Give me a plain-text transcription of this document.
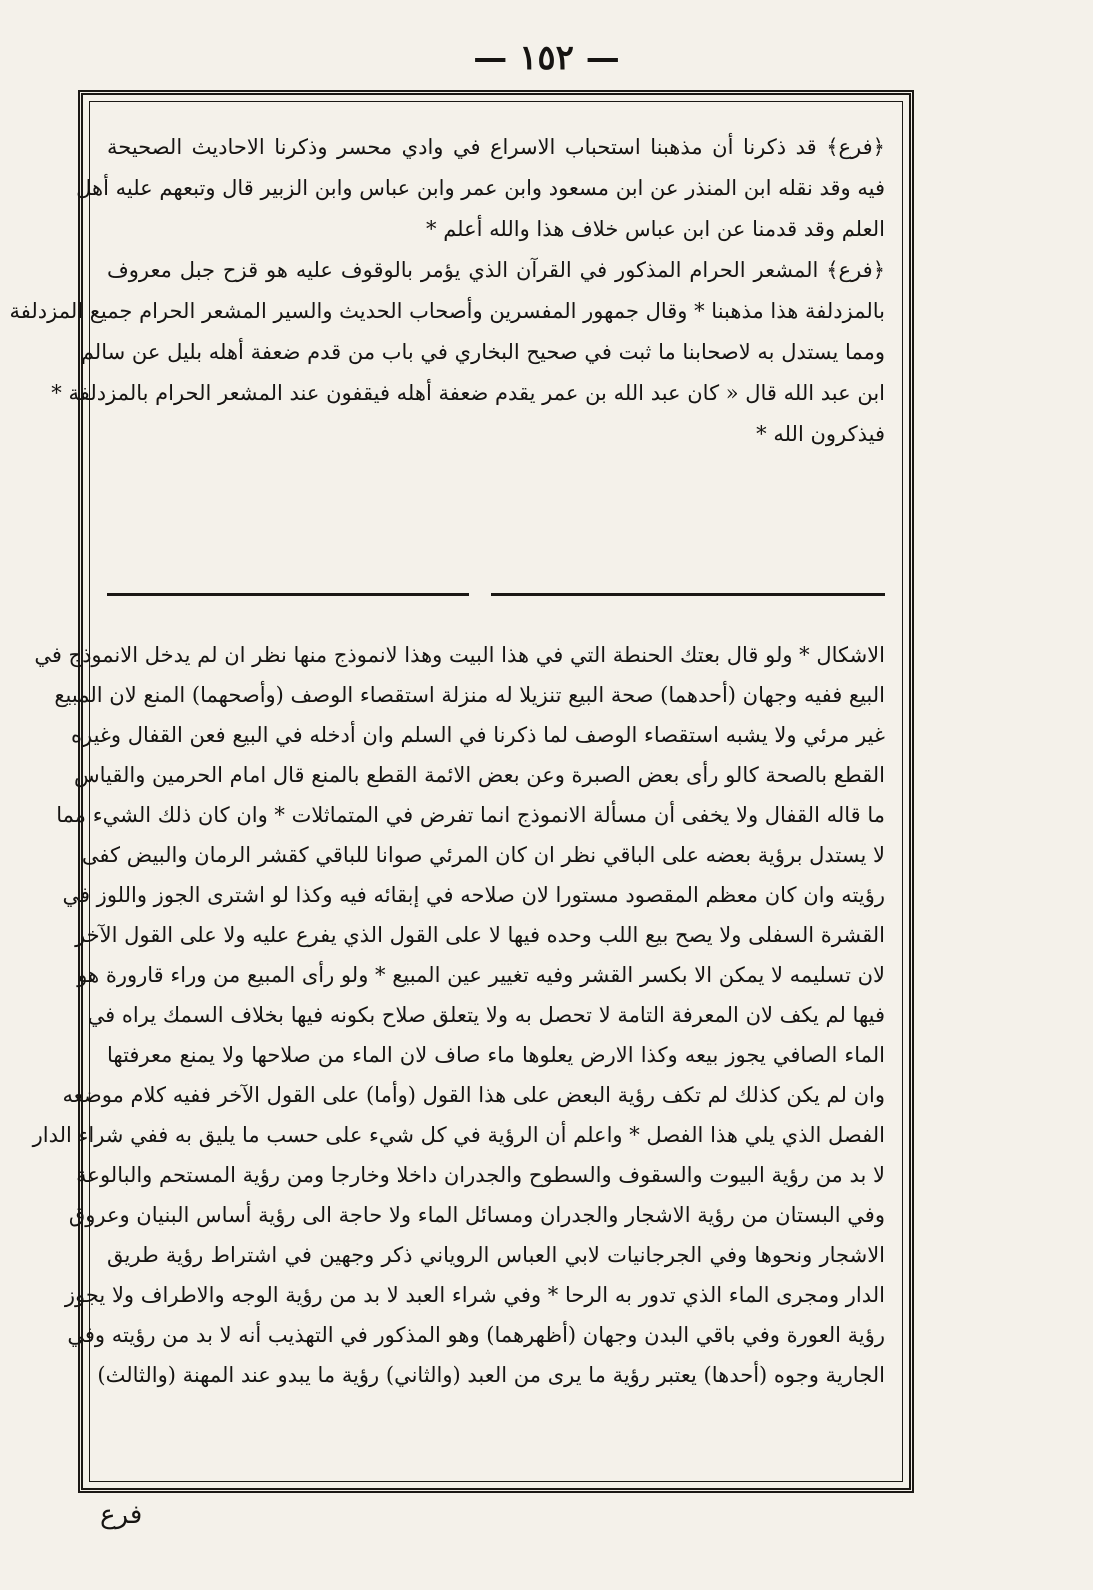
— ١٥٢ —
﴿فرع﴾ قد ذكرنا أن مذهبنا استحباب الاسراع في وادي محسر وذكرنا الاحاديث الصحيحة
فيه وقد نقله ابن المنذر عن ابن مسعود وابن عمر وابن عباس وابن الزبير قال وتبعهم عليه أهل
العلم وقد قدمنا عن ابن عباس خلاف هذا والله أعلم *
﴿فرع﴾ المشعر الحرام المذكور في القرآن الذي يؤمر بالوقوف عليه هو قزح جبل معروف
بالمزدلفة هذا مذهبنا * وقال جمهور المفسرين وأصحاب الحديث والسير المشعر الحرام جميع المزدلفة
ومما يستدل به لاصحابنا ما ثبت في صحيح البخاري في باب من قدم ضعفة أهله بليل عن سالم
ابن عبد الله قال « كان عبد الله بن عمر يقدم ضعفة أهله فيقفون عند المشعر الحرام بالمزدلفة *
فيذكرون الله *
الاشكال * ولو قال بعتك الحنطة التي في هذا البيت وهذا لانموذج منها نظر ان لم يدخل الانموذج في
البيع ففيه وجهان (أحدهما) صحة البيع تنزيلا له منزلة استقصاء الوصف (وأصحهما) المنع لان المبيع
غير مرئي ولا يشبه استقصاء الوصف لما ذكرنا في السلم وان أدخله في البيع فعن القفال وغيره
القطع بالصحة كالو رأى بعض الصبرة وعن بعض الائمة القطع بالمنع قال امام الحرمين والقياس
ما قاله القفال ولا يخفى أن مسألة الانموذج انما تفرض في المتماثلات * وان كان ذلك الشيء مما
لا يستدل برؤية بعضه على الباقي نظر ان كان المرئي صوانا للباقي كقشر الرمان والبيض كفى
رؤيته وان كان معظم المقصود مستورا لان صلاحه في إبقائه فيه وكذا لو اشترى الجوز واللوز في
القشرة السفلى ولا يصح بيع اللب وحده فيها لا على القول الذي يفرع عليه ولا على القول الآخر
لان تسليمه لا يمكن الا بكسر القشر وفيه تغيير عين المبيع * ولو رأى المبيع من وراء قارورة هو
فيها لم يكف لان المعرفة التامة لا تحصل به ولا يتعلق صلاح بكونه فيها بخلاف السمك يراه في
الماء الصافي يجوز بيعه وكذا الارض يعلوها ماء صاف لان الماء من صلاحها ولا يمنع معرفتها
وان لم يكن كذلك لم تكف رؤية البعض على هذا القول (وأما) على القول الآخر ففيه كلام موضعه
الفصل الذي يلي هذا الفصل * واعلم أن الرؤية في كل شيء على حسب ما يليق به ففي شراء الدار
لا بد من رؤية البيوت والسقوف والسطوح والجدران داخلا وخارجا ومن رؤية المستحم والبالوعة
وفي البستان من رؤية الاشجار والجدران ومسائل الماء ولا حاجة الى رؤية أساس البنيان وعروق
الاشجار ونحوها وفي الجرجانيات لابي العباس الروياني ذكر وجهين في اشتراط رؤية طريق
الدار ومجرى الماء الذي تدور به الرحا * وفي شراء العبد لا بد من رؤية الوجه والاطراف ولا يجوز
رؤية العورة وفي باقي البدن وجهان (أظهرهما) وهو المذكور في التهذيب أنه لا بد من رؤيته وفي
الجارية وجوه (أحدها) يعتبر رؤية ما يرى من العبد (والثاني) رؤية ما يبدو عند المهنة (والثالث)
فرع
